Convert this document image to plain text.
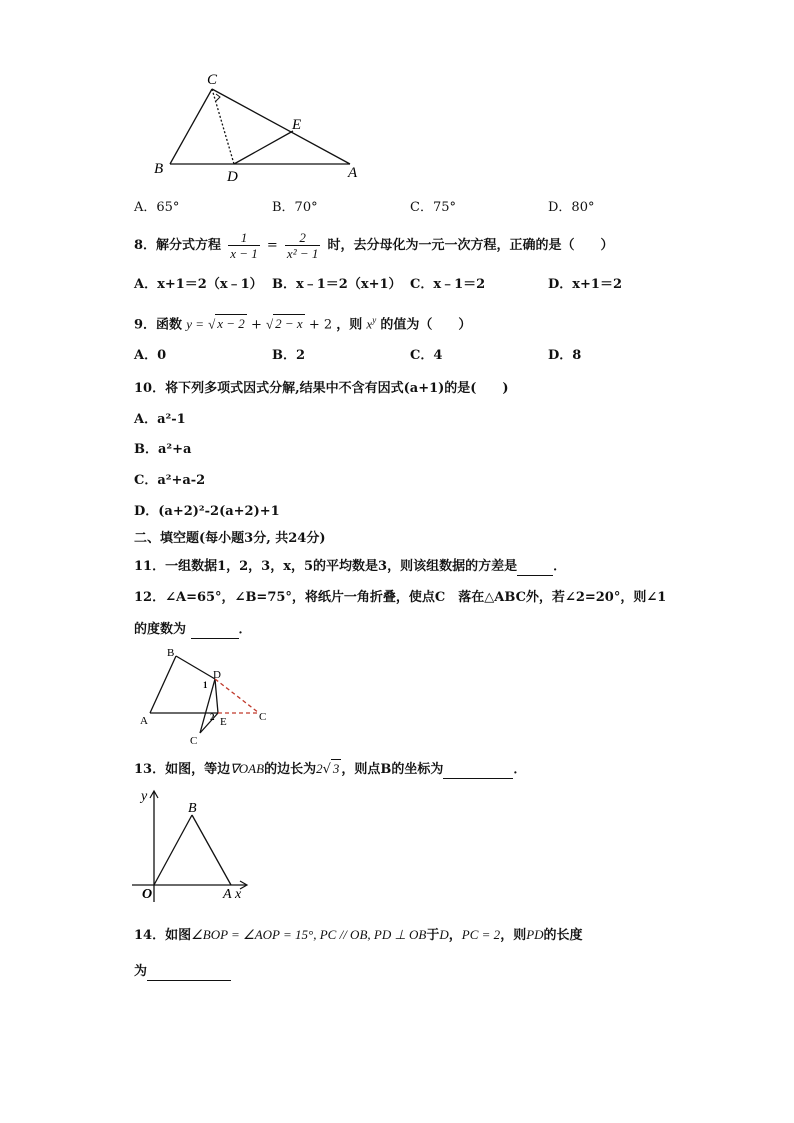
C
E
B	D	A
A．65°	B．70°	C．75°	D．80°
8．解分式方程 $\frac{1}{x - 1} = \frac{2}{\text{x² − 1}}$ 时，去分母化为一元一次方程，正确的是（　　）
A．x+1＝2（x﹣1） B．x﹣1＝2（x+1） C．x﹣1＝2	D．x+1＝2
9．函数 y = √ x − 2 + √ 2 − x + 2 ，则 $x^y$ 的值为（　　）
A．0	B．2	C．4	D．8
10．将下列多项式因式分解,结果中不含有因式(a+1)的是(　　)
A．a²-1
B．a²+a
C．a²+a-2
D．(a+2)²-2(a+2)+1
二、填空题(每小题3分, 共24分)
11．一组数据1，2，3，x，5的平均数是3，则该组数据的方差是	．
12．∠A=65°，∠B=75°，将纸片一角折叠，使点C　落在△ABC外，若∠2=20°，则∠1
的度数为	．
B
D
1
2
A	E	C
C
13．如图，等边∇OAB的边长为2√ 3 ，则点B的坐标为	．
y
B
O	A x
14．如图∠BOP = ∠AOP = 15°, PC // OB, PD ⊥ OB于D，PC = 2，则PD的长度
为
